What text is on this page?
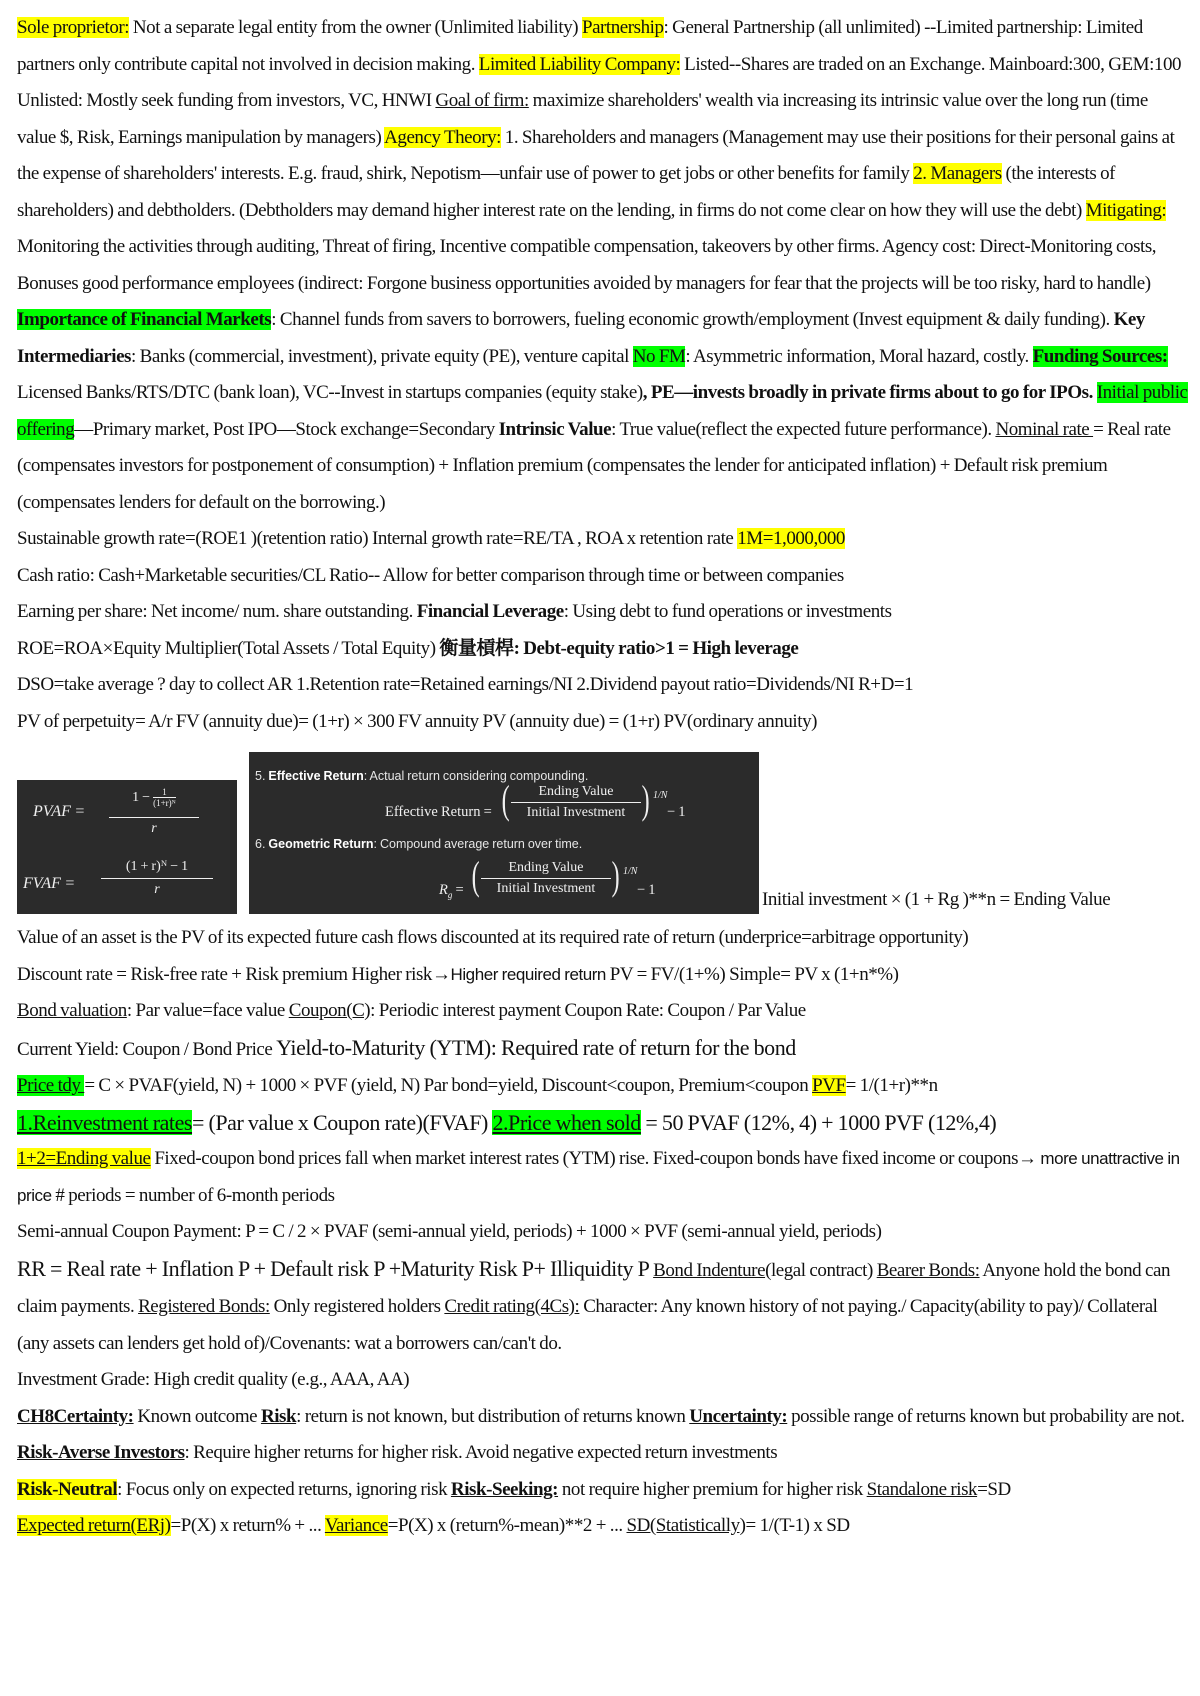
Sole proprietor: Not a separate legal entity from the owner (Unlimited liability) Partnership: General Partnership (all unlimited) --Limited partnership: Limited partners only contribute capital not involved in decision making. Limited Liability Company: Listed--Shares are traded on an Exchange. Mainboard:300, GEM:100 Unlisted: Mostly seek funding from investors, VC, HNWI Goal of firm: maximize shareholders' wealth via increasing its intrinsic value over the long run (time value $, Risk, Earnings manipulation by managers) Agency Theory: 1. Shareholders and managers (Management may use their positions for their personal gains at the expense of shareholders' interests. E.g. fraud, shirk, Nepotism—unfair use of power to get jobs or other benefits for family 2. Managers (the interests of shareholders) and debtholders. (Debtholders may demand higher interest rate on the lending, in firms do not come clear on how they will use the debt) Mitigating: Monitoring the activities through auditing, Threat of firing, Incentive compatible compensation, takeovers by other firms. Agency cost: Direct-Monitoring costs, Bonuses good performance employees (indirect: Forgone business opportunities avoided by managers for fear that the projects will be too risky, hard to handle) Importance of Financial Markets: Channel funds from savers to borrowers, fueling economic growth/employment (Invest equipment & daily funding). Key Intermediaries: Banks (commercial, investment), private equity (PE), venture capital No FM: Asymmetric information, Moral hazard, costly. Funding Sources: Licensed Banks/RTS/DTC (bank loan), VC--Invest in startups companies (equity stake), PE—invests broadly in private firms about to go for IPOs. Initial public offering—Primary market, Post IPO—Stock exchange=Secondary Intrinsic Value: True value(reflect the expected future performance). Nominal rate = Real rate (compensates investors for postponement of consumption) + Inflation premium (compensates the lender for anticipated inflation) + Default risk premium (compensates lenders for default on the borrowing.)

Sustainable growth rate=(ROE1 )(retention ratio) Internal growth rate=RE/TA , ROA x retention rate 1M=1,000,000

Cash ratio: Cash+Marketable securities/CL Ratio-- Allow for better comparison through time or between companies

Earning per share: Net income/ num. share outstanding. Financial Leverage: Using debt to fund operations or investments

ROE=ROA×Equity Multiplier(Total Assets / Total Equity) 衡量槓桿: Debt-equity ratio>1 = High leverage

DSO=take average ? day to collect AR 1.Retention rate=Retained earnings/NI 2.Dividend payout ratio=Dividends/NI R+D=1

PV of perpetuity= A/r FV (annuity due)= (1+r) × 300 FV annuity PV (annuity due) = (1+r) PV(ordinary annuity)

PVAF = $\frac{1 - \frac{1}{\text{(1+r)ᴺ}}}{r}$
FVAF = $\frac{\text{(1 + r)ᴺ − 1}}{r}$
5. Effective Return: Actual return considering compounding.
Effective Return = (	Ending Value
Initial Investment ) 1/N
− 1
6. Geometric Return: Compound average return over time.
$R_g$ = (	Ending Value
Initial Investment ) 1/N
− 1	Initial investment × (1 + Rg )**n = Ending Value

Value of an asset is the PV of its expected future cash flows discounted at its required rate of return (underprice=arbitrage opportunity)

Discount rate = Risk-free rate + Risk premium Higher risk→Higher required return PV = FV/(1+%) Simple= PV x (1+n*%)

Bond valuation: Par value=face value Coupon(C): Periodic interest payment Coupon Rate: Coupon / Par Value

Current Yield: Coupon / Bond Price Yield-to-Maturity (YTM): Required rate of return for the bond

Price tdy = C × PVAF(yield, N) + 1000 × PVF (yield, N) Par bond=yield, Discount<coupon, Premium<coupon PVF= 1/(1+r)**n

1.Reinvestment rates= (Par value x Coupon rate)(FVAF) 2.Price when sold = 50 PVAF (12%, 4) + 1000 PVF (12%,4)

1+2=Ending value Fixed-coupon bond prices fall when market interest rates (YTM) rise. Fixed-coupon bonds have fixed income or coupons→ more unattractive in price # periods = number of 6-month periods

Semi-annual Coupon Payment: P = C / 2 × PVAF (semi-annual yield, periods) + 1000 × PVF (semi-annual yield, periods)

RR = Real rate + Inflation P + Default risk P +Maturity Risk P+ Illiquidity P Bond Indenture(legal contract) Bearer Bonds: Anyone hold the bond can claim payments. Registered Bonds: Only registered holders Credit rating(4Cs): Character: Any known history of not paying./ Capacity(ability to pay)/ Collateral (any assets can lenders get hold of)/Covenants: wat a borrowers can/can't do.

Investment Grade: High credit quality (e.g., AAA, AA)

CH8Certainty: Known outcome Risk: return is not known, but distribution of returns known Uncertainty: possible range of returns known but probability are not. Risk-Averse Investors: Require higher returns for higher risk. Avoid negative expected return investments

Risk-Neutral: Focus only on expected returns, ignoring risk Risk-Seeking: not require higher premium for higher risk Standalone risk=SD

Expected return(ERj)=P(X) x return% + ... Variance=P(X) x (return%-mean)**2 + ... SD(Statistically)= 1/(T-1) x SD
